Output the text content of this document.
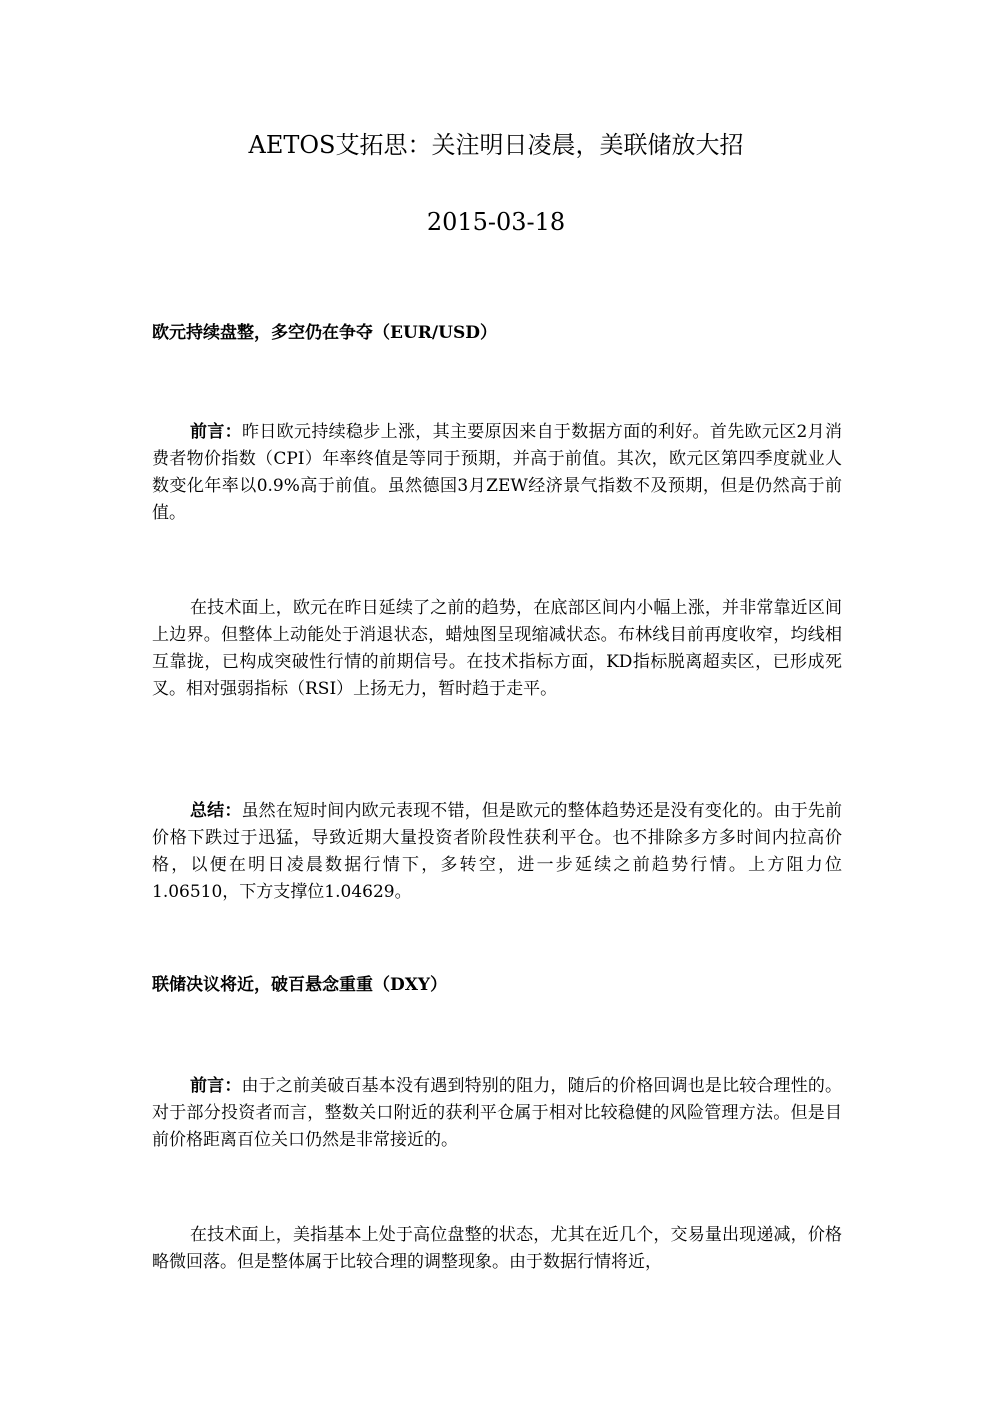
AETOS艾拓思：关注明日凌晨，美联储放大招
2015-03-18
欧元持续盘整，多空仍在争夺（EUR/USD）

前言：昨日欧元持续稳步上涨，其主要原因来自于数据方面的利好。首先欧元区2月消费者物价指数（CPI）年率终值是等同于预期，并高于前值。其次，欧元区第四季度就业人数变化年率以0.9%高于前值。虽然德国3月ZEW经济景气指数不及预期，但是仍然高于前值。

在技术面上，欧元在昨日延续了之前的趋势，在底部区间内小幅上涨，并非常靠近区间上边界。但整体上动能处于消退状态，蜡烛图呈现缩减状态。布林线目前再度收窄，均线相互靠拢，已构成突破性行情的前期信号。在技术指标方面，KD指标脱离超卖区，已形成死叉。相对强弱指标（RSI）上扬无力，暂时趋于走平。

总结：虽然在短时间内欧元表现不错，但是欧元的整体趋势还是没有变化的。由于先前价格下跌过于迅猛，导致近期大量投资者阶段性获利平仓。也不排除多方多时间内拉高价格，以便在明日凌晨数据行情下，多转空，进一步延续之前趋势行情。上方阻力位1.06510，下方支撑位1.04629。

联储决议将近，破百悬念重重（DXY）

前言：由于之前美破百基本没有遇到特别的阻力，随后的价格回调也是比较合理性的。对于部分投资者而言，整数关口附近的获利平仓属于相对比较稳健的风险管理方法。但是目前价格距离百位关口仍然是非常接近的。

在技术面上，美指基本上处于高位盘整的状态，尤其在近几个，交易量出现递减，价格略微回落。但是整体属于比较合理的调整现象。由于数据行情将近，
